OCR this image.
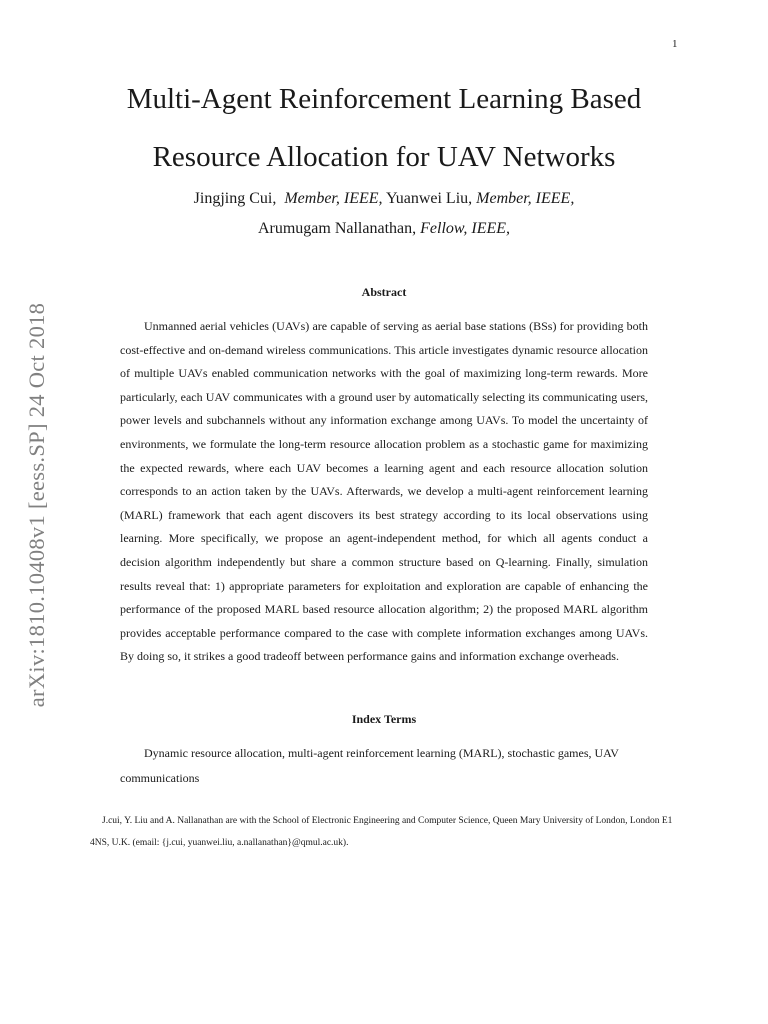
1
arXiv:1810.10408v1 [eess.SP] 24 Oct 2018
Multi-Agent Reinforcement Learning Based
Resource Allocation for UAV Networks
Jingjing Cui, Member, IEEE, Yuanwei Liu, Member, IEEE,
Arumugam Nallanathan, Fellow, IEEE,
Abstract

Unmanned aerial vehicles (UAVs) are capable of serving as aerial base stations (BSs) for providing both cost-effective and on-demand wireless communications. This article investigates dynamic resource allocation of multiple UAVs enabled communication networks with the goal of maximizing long-term rewards. More particularly, each UAV communicates with a ground user by automatically selecting its communicating users, power levels and subchannels without any information exchange among UAVs. To model the uncertainty of environments, we formulate the long-term resource allocation problem as a stochastic game for maximizing the expected rewards, where each UAV becomes a learning agent and each resource allocation solution corresponds to an action taken by the UAVs. Afterwards, we develop a multi-agent reinforcement learning (MARL) framework that each agent discovers its best strategy according to its local observations using learning. More specifically, we propose an agent-independent method, for which all agents conduct a decision algorithm independently but share a common structure based on Q-learning. Finally, simulation results reveal that: 1) appropriate parameters for exploitation and exploration are capable of enhancing the performance of the proposed MARL based resource allocation algorithm; 2) the proposed MARL algorithm provides acceptable performance compared to the case with complete information exchanges among UAVs. By doing so, it strikes a good tradeoff between performance gains and information exchange overheads.

Index Terms

Dynamic resource allocation, multi-agent reinforcement learning (MARL), stochastic games, UAV communications

J.cui, Y. Liu and A. Nallanathan are with the School of Electronic Engineering and Computer Science, Queen Mary University of London, London E1 4NS, U.K. (email: {j.cui, yuanwei.liu, a.nallanathan}@qmul.ac.uk).
